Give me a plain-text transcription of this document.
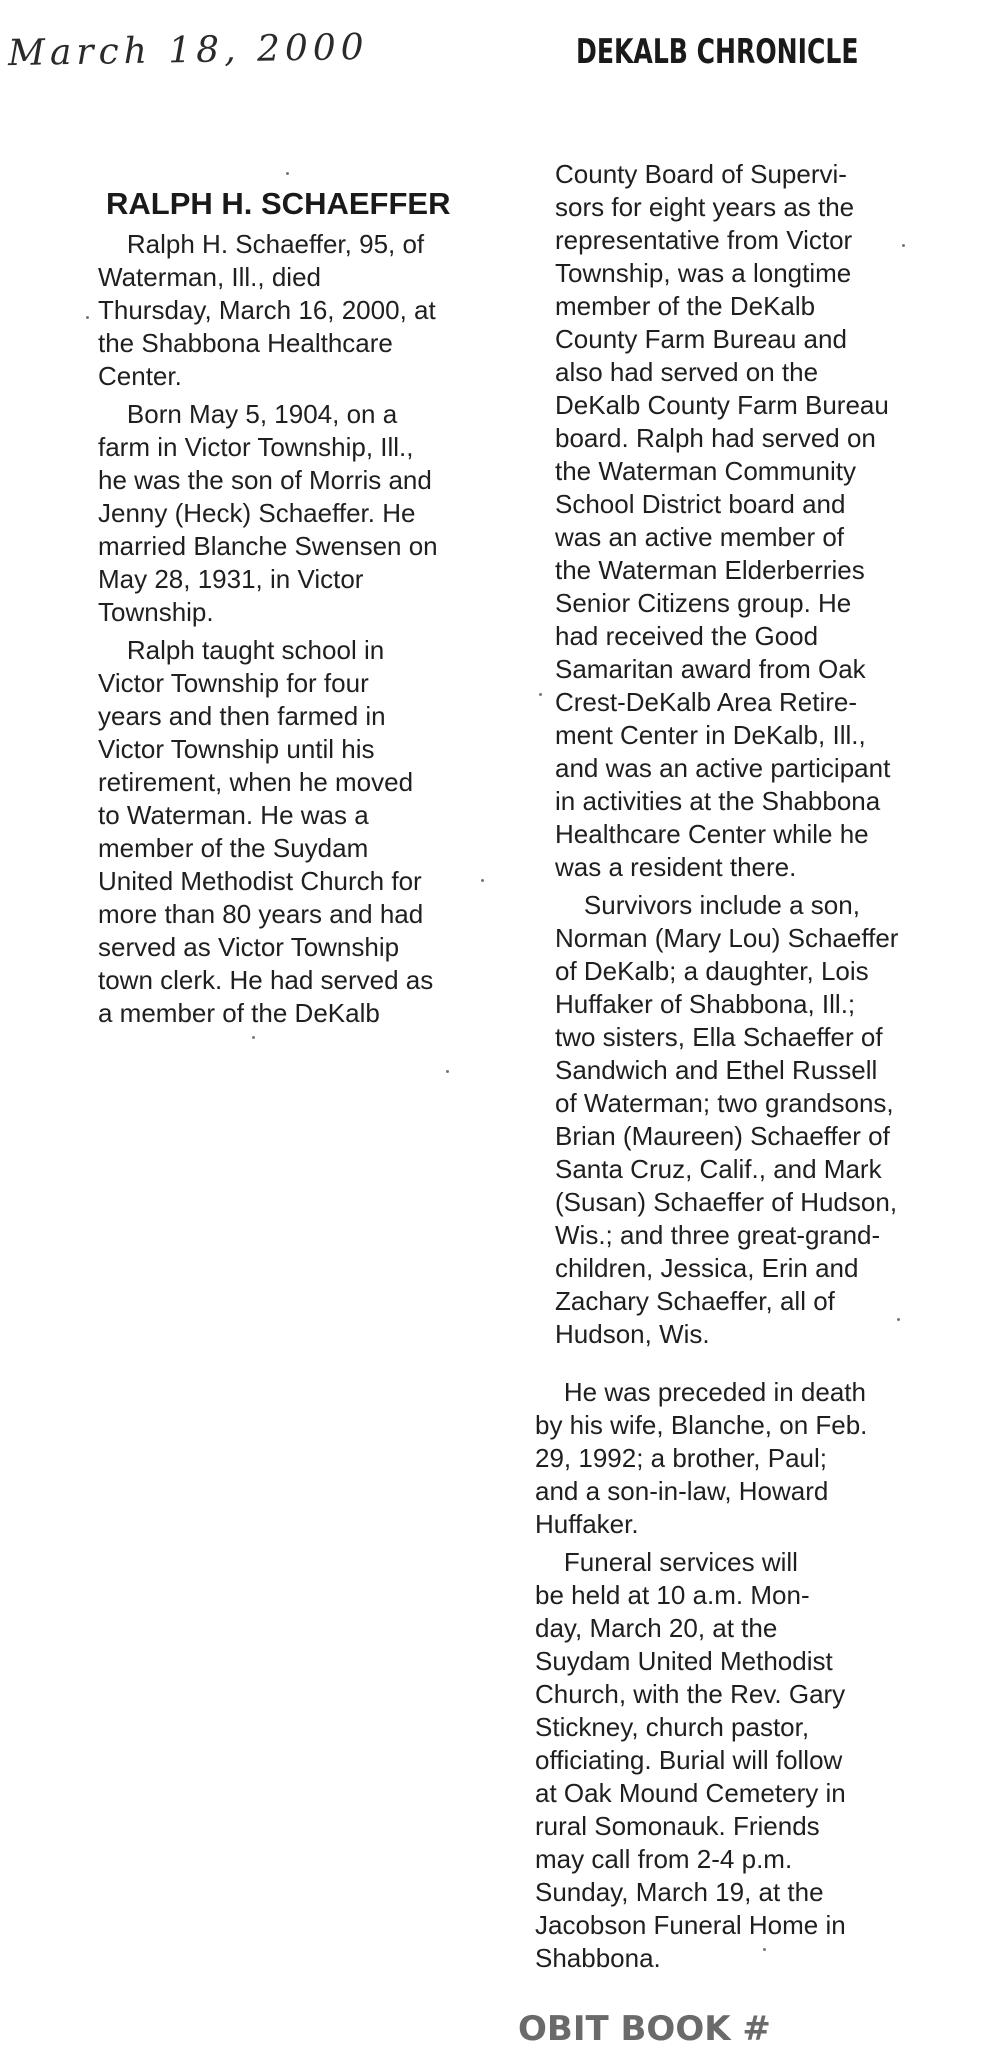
March 18, 2000	DEKALB CHRONICLE
RALPH H. SCHAEFFER
Ralph H. Schaeffer, 95, of
Waterman, Ill., died
Thursday, March 16, 2000, at
the Shabbona Healthcare
Center.
Born May 5, 1904, on a
farm in Victor Township, Ill.,
he was the son of Morris and
Jenny (Heck) Schaeffer. He
married Blanche Swensen on
May 28, 1931, in Victor
Township.
Ralph taught school in
Victor Township for four
years and then farmed in
Victor Township until his
retirement, when he moved
to Waterman. He was a
member of the Suydam
United Methodist Church for
more than 80 years and had
served as Victor Township
town clerk. He had served as
a member of the DeKalb
County Board of Supervi-
sors for eight years as the
representative from Victor
Township, was a longtime
member of the DeKalb
County Farm Bureau and
also had served on the
DeKalb County Farm Bureau
board. Ralph had served on
the Waterman Community
School District board and
was an active member of
the Waterman Elderberries
Senior Citizens group. He
had received the Good
Samaritan award from Oak
Crest-DeKalb Area Retire-
ment Center in DeKalb, Ill.,
and was an active participant
in activities at the Shabbona
Healthcare Center while he
was a resident there.
Survivors include a son,
Norman (Mary Lou) Schaeffer
of DeKalb; a daughter, Lois
Huffaker of Shabbona, Ill.;
two sisters, Ella Schaeffer of
Sandwich and Ethel Russell
of Waterman; two grandsons,
Brian (Maureen) Schaeffer of
Santa Cruz, Calif., and Mark
(Susan) Schaeffer of Hudson,
Wis.; and three great-grand-
children, Jessica, Erin and
Zachary Schaeffer, all of
Hudson, Wis.
He was preceded in death
by his wife, Blanche, on Feb.
29, 1992; a brother, Paul;
and a son-in-law, Howard
Huffaker.
Funeral services will
be held at 10 a.m. Mon-
day, March 20, at the
Suydam United Methodist
Church, with the Rev. Gary
Stickney, church pastor,
officiating. Burial will follow
at Oak Mound Cemetery in
rural Somonauk. Friends
may call from 2-4 p.m.
Sunday, March 19, at the
Jacobson Funeral Home in
Shabbona.
OBIT BOOK #
